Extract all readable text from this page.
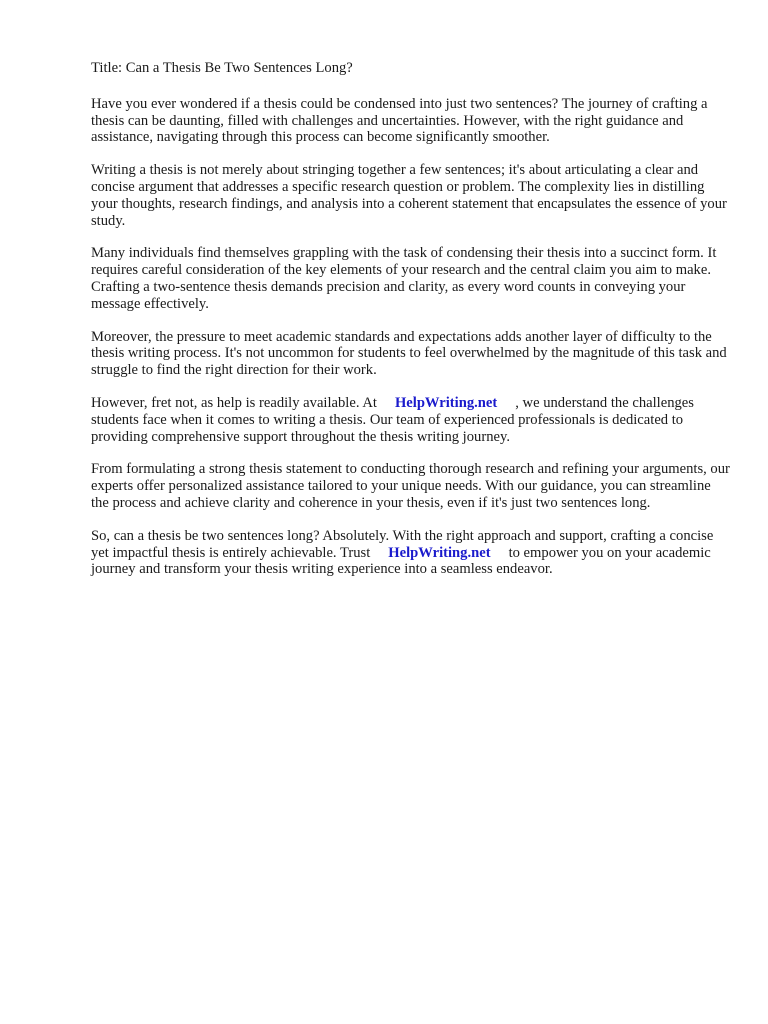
Title: Can a Thesis Be Two Sentences Long?

Have you ever wondered if a thesis could be condensed into just two sentences? The journey of crafting a thesis can be daunting, filled with challenges and uncertainties. However, with the right guidance and assistance, navigating through this process can become significantly smoother.

Writing a thesis is not merely about stringing together a few sentences; it's about articulating a clear and concise argument that addresses a specific research question or problem. The complexity lies in distilling your thoughts, research findings, and analysis into a coherent statement that encapsulates the essence of your study.

Many individuals find themselves grappling with the task of condensing their thesis into a succinct form. It requires careful consideration of the key elements of your research and the central claim you aim to make. Crafting a two-sentence thesis demands precision and clarity, as every word counts in conveying your message effectively.

Moreover, the pressure to meet academic standards and expectations adds another layer of difficulty to the thesis writing process. It's not uncommon for students to feel overwhelmed by the magnitude of this task and struggle to find the right direction for their work.

However, fret not, as help is readily available. At HelpWriting.net , we understand the challenges students face when it comes to writing a thesis. Our team of experienced professionals is dedicated to providing comprehensive support throughout the thesis writing journey.

From formulating a strong thesis statement to conducting thorough research and refining your arguments, our experts offer personalized assistance tailored to your unique needs. With our guidance, you can streamline the process and achieve clarity and coherence in your thesis, even if it's just two sentences long.

So, can a thesis be two sentences long? Absolutely. With the right approach and support, crafting a concise yet impactful thesis is entirely achievable. Trust HelpWriting.net to empower you on your academic journey and transform your thesis writing experience into a seamless endeavor.
